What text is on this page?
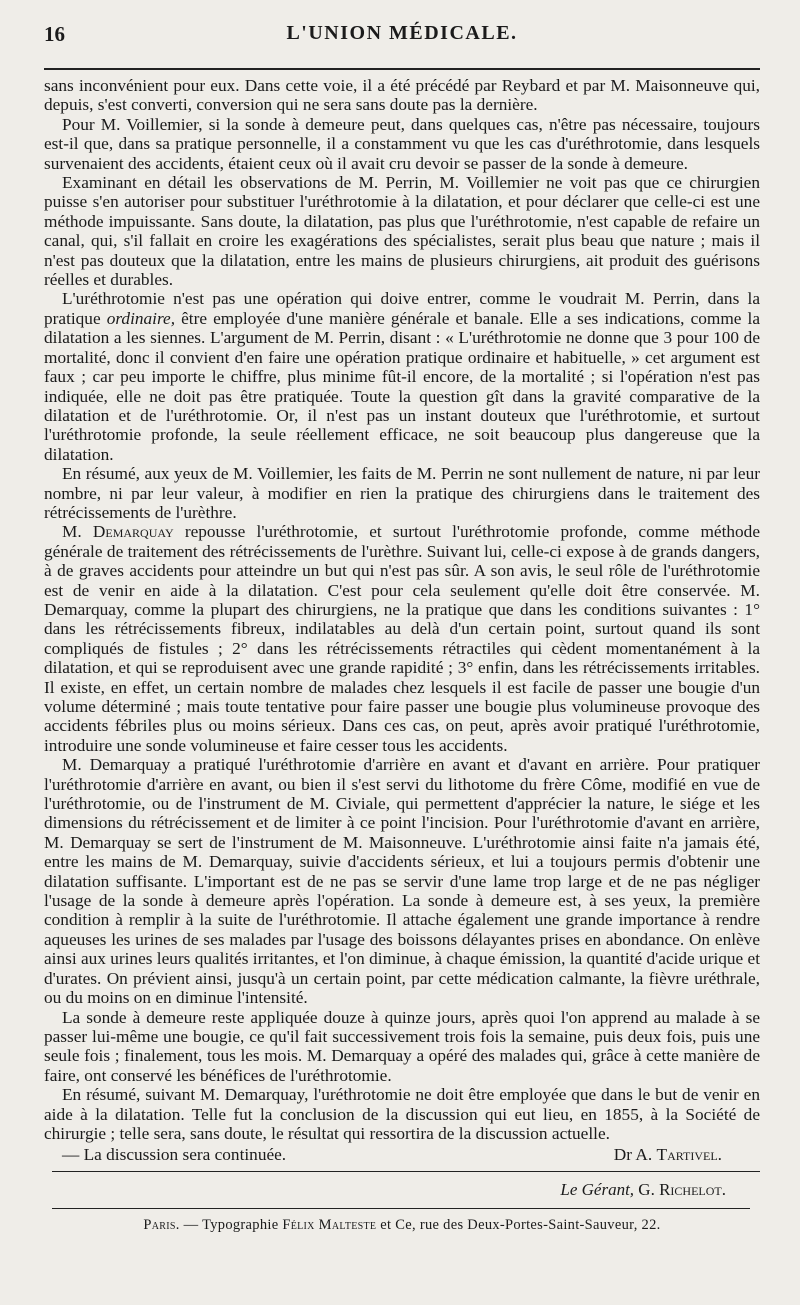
16	L'UNION MÉDICALE.

sans inconvénient pour eux. Dans cette voie, il a été précédé par Reybard et par M. Maisonneuve qui, depuis, s'est converti, conversion qui ne sera sans doute pas la dernière.

Pour M. Voillemier, si la sonde à demeure peut, dans quelques cas, n'être pas nécessaire, toujours est-il que, dans sa pratique personnelle, il a constamment vu que les cas d'uréthrotomie, dans lesquels survenaient des accidents, étaient ceux où il avait cru devoir se passer de la sonde à demeure.

Examinant en détail les observations de M. Perrin, M. Voillemier ne voit pas que ce chirurgien puisse s'en autoriser pour substituer l'uréthrotomie à la dilatation, et pour déclarer que celle-ci est une méthode impuissante. Sans doute, la dilatation, pas plus que l'uréthrotomie, n'est capable de refaire un canal, qui, s'il fallait en croire les exagérations des spécialistes, serait plus beau que nature ; mais il n'est pas douteux que la dilatation, entre les mains de plusieurs chirurgiens, ait produit des guérisons réelles et durables.

L'uréthrotomie n'est pas une opération qui doive entrer, comme le voudrait M. Perrin, dans la pratique ordinaire, être employée d'une manière générale et banale. Elle a ses indications, comme la dilatation a les siennes. L'argument de M. Perrin, disant : « L'uréthrotomie ne donne que 3 pour 100 de mortalité, donc il convient d'en faire une opération pratique ordinaire et habituelle, » cet argument est faux ; car peu importe le chiffre, plus minime fût-il encore, de la mortalité ; si l'opération n'est pas indiquée, elle ne doit pas être pratiquée. Toute la question gît dans la gravité comparative de la dilatation et de l'uréthrotomie. Or, il n'est pas un instant douteux que l'uréthrotomie, et surtout l'uréthrotomie profonde, la seule réellement efficace, ne soit beaucoup plus dangereuse que la dilatation.

En résumé, aux yeux de M. Voillemier, les faits de M. Perrin ne sont nullement de nature, ni par leur nombre, ni par leur valeur, à modifier en rien la pratique des chirurgiens dans le traitement des rétrécissements de l'urèthre.

M. Demarquay repousse l'uréthrotomie, et surtout l'uréthrotomie profonde, comme méthode générale de traitement des rétrécissements de l'urèthre. Suivant lui, celle-ci expose à de grands dangers, à de graves accidents pour atteindre un but qui n'est pas sûr. A son avis, le seul rôle de l'uréthrotomie est de venir en aide à la dilatation. C'est pour cela seulement qu'elle doit être conservée. M. Demarquay, comme la plupart des chirurgiens, ne la pratique que dans les conditions suivantes : 1° dans les rétrécissements fibreux, indilatables au delà d'un certain point, surtout quand ils sont compliqués de fistules ; 2° dans les rétrécissements rétractiles qui cèdent momentanément à la dilatation, et qui se reproduisent avec une grande rapidité ; 3° enfin, dans les rétrécissements irritables. Il existe, en effet, un certain nombre de malades chez lesquels il est facile de passer une bougie d'un volume déterminé ; mais toute tentative pour faire passer une bougie plus volumineuse provoque des accidents fébriles plus ou moins sérieux. Dans ces cas, on peut, après avoir pratiqué l'uréthrotomie, introduire une sonde volumineuse et faire cesser tous les accidents.

M. Demarquay a pratiqué l'uréthrotomie d'arrière en avant et d'avant en arrière. Pour pratiquer l'uréthrotomie d'arrière en avant, ou bien il s'est servi du lithotome du frère Côme, modifié en vue de l'uréthrotomie, ou de l'instrument de M. Civiale, qui permettent d'apprécier la nature, le siége et les dimensions du rétrécissement et de limiter à ce point l'incision. Pour l'uréthrotomie d'avant en arrière, M. Demarquay se sert de l'instrument de M. Maisonneuve. L'uréthrotomie ainsi faite n'a jamais été, entre les mains de M. Demarquay, suivie d'accidents sérieux, et lui a toujours permis d'obtenir une dilatation suffisante. L'important est de ne pas se servir d'une lame trop large et de ne pas négliger l'usage de la sonde à demeure après l'opération. La sonde à demeure est, à ses yeux, la première condition à remplir à la suite de l'uréthrotomie. Il attache également une grande importance à rendre aqueuses les urines de ses malades par l'usage des boissons délayantes prises en abondance. On enlève ainsi aux urines leurs qualités irritantes, et l'on diminue, à chaque émission, la quantité d'acide urique et d'urates. On prévient ainsi, jusqu'à un certain point, par cette médication calmante, la fièvre uréthrale, ou du moins on en diminue l'intensité.

La sonde à demeure reste appliquée douze à quinze jours, après quoi l'on apprend au malade à se passer lui-même une bougie, ce qu'il fait successivement trois fois la semaine, puis deux fois, puis une seule fois ; finalement, tous les mois. M. Demarquay a opéré des malades qui, grâce à cette manière de faire, ont conservé les bénéfices de l'uréthrotomie.

En résumé, suivant M. Demarquay, l'uréthrotomie ne doit être employée que dans le but de venir en aide à la dilatation. Telle fut la conclusion de la discussion qui eut lieu, en 1855, à la Société de chirurgie ; telle sera, sans doute, le résultat qui ressortira de la discussion actuelle.

— La discussion sera continuée.	Dr A. Tartivel.
Le Gérant, G. Richelot.
Paris. — Typographie Félix Malteste et Ce, rue des Deux-Portes-Saint-Sauveur, 22.
